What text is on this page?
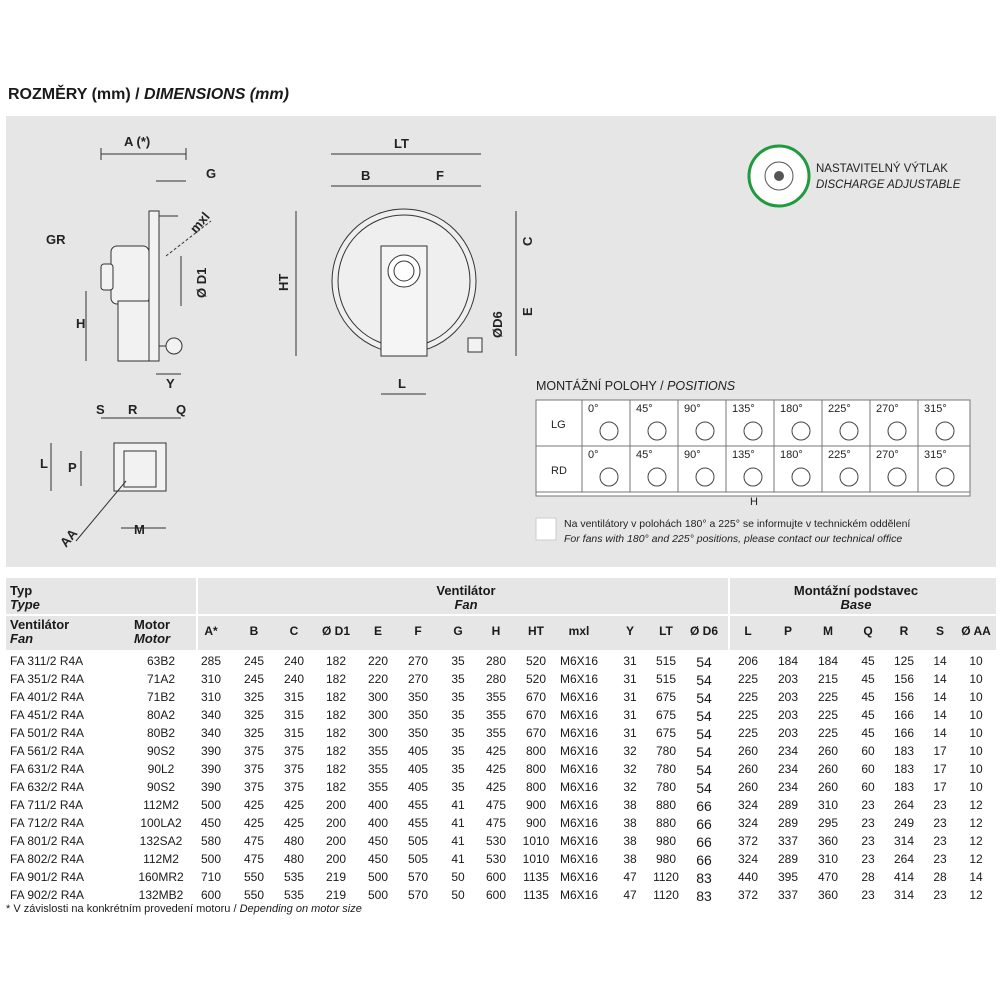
ROZMĚRY (mm) / DIMENSIONS (mm)
A (*)
G
GR
H
mxl
Ø D1
Y
S R	Q
L P
M
AA
LT
B	F
HT
C
E
ØD6
L
NASTAVITELNÝ VÝTLAK
DISCHARGE ADJUSTABLE
MONTÁŽNÍ POLOHY / POSITIONS
LG
RD
0°	45°	90°	135° 180° 225° 270° 315°
0°	45°	90°	135° 180° 225° 270° 315°
H
Na ventilátory v polohách 180° a 225° se informujte v technickém oddělení
For fans with 180° and 225° positions, please contact our technical office
Typ
Type
Ventilátor
Fan
Montážní podstavec
Base
Ventilátor
Fan
Motor
Motor	A*	B	C	Ø D1	E	F	G	H	HT	mxl	Y	LT	Ø D6	L	P	M	Q	R	S	Ø AA
FA 311/2 R4A	63B2	285	245	240	182	220	270	35	280	520	M6X16	31	515	54	206	184	184	45	125	14	10
FA 351/2 R4A	71A2	310	245	240	182	220	270	35	280	520	M6X16	31	515	54	225	203	215	45	156	14	10
FA 401/2 R4A	71B2	310	325	315	182	300	350	35	355	670	M6X16	31	675	54	225	203	225	45	156	14	10
FA 451/2 R4A	80A2	340	325	315	182	300	350	35	355	670	M6X16	31	675	54	225	203	225	45	166	14	10
FA 501/2 R4A	80B2	340	325	315	182	300	350	35	355	670	M6X16	31	675	54	225	203	225	45	166	14	10
FA 561/2 R4A	90S2	390	375	375	182	355	405	35	425	800	M6X16	32	780	54	260	234	260	60	183	17	10
FA 631/2 R4A	90L2	390	375	375	182	355	405	35	425	800	M6X16	32	780	54	260	234	260	60	183	17	10
FA 632/2 R4A	90S2	390	375	375	182	355	405	35	425	800	M6X16	32	780	54	260	234	260	60	183	17	10
FA 711/2 R4A	112M2	500	425	425	200	400	455	41	475	900	M6X16	38	880	66	324	289	310	23	264	23	12
FA 712/2 R4A	100LA2	450	425	425	200	400	455	41	475	900	M6X16	38	880	66	324	289	295	23	249	23	12
FA 801/2 R4A	132SA2	580	475	480	200	450	505	41	530	1010 M6X16	38	980	66	372	337	360	23	314	23	12
FA 802/2 R4A	112M2	500	475	480	200	450	505	41	530	1010 M6X16	38	980	66	324	289	310	23	264	23	12
FA 901/2 R4A	160MR2	710	550	535	219	500	570	50	600	1135 M6X16	47	1120	83	440	395	470	28	414	28	14
FA 902/2 R4A	132MB2	600	550	535	219	500	570	50	600	1135 M6X16	47	1120	83	372	337	360	23	314	23	12
* V závislosti na konkrétním provedení motoru / Depending on motor size
